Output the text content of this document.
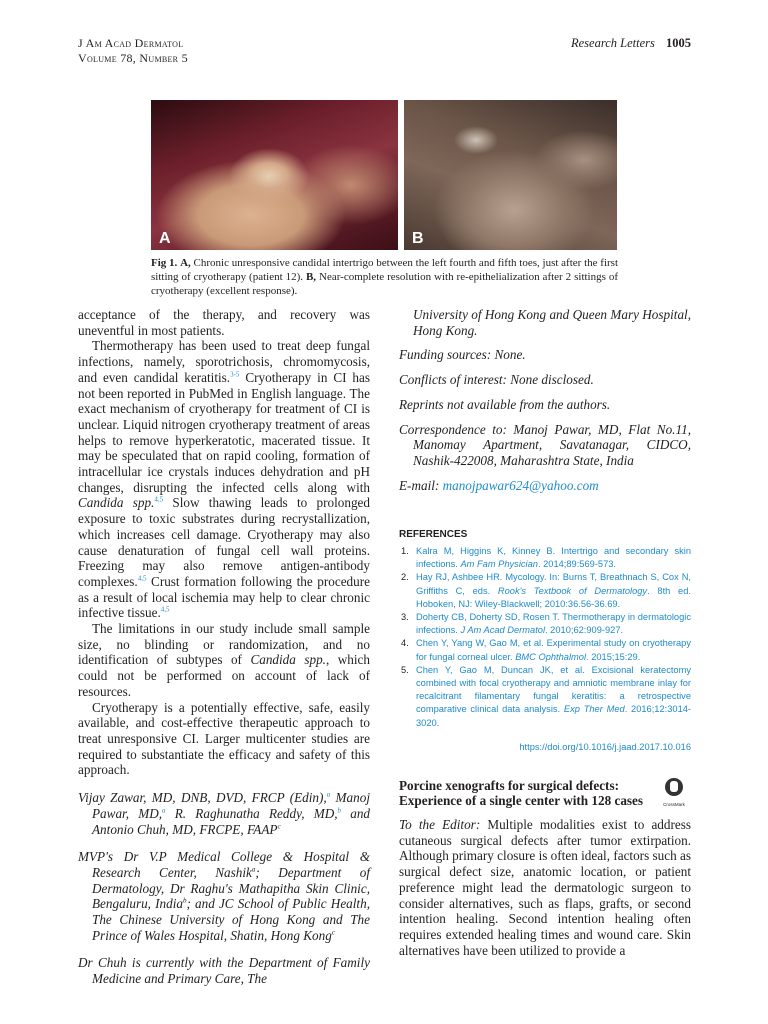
J Am Acad Dermatol
Volume 78, Number 5
Research Letters 1005
A	B
Fig 1. A, Chronic unresponsive candidal intertrigo between the left fourth and fifth toes, just after the first sitting of cryotherapy (patient 12). B, Near-complete resolution with re-epithelialization after 2 sittings of cryotherapy (excellent response).

acceptance of the therapy, and recovery was uneventful in most patients.

Thermotherapy has been used to treat deep fungal infections, namely, sporotrichosis, chromomycosis, and even candidal keratitis.$^{3-5}$ Cryotherapy in CI has not been reported in PubMed in English language. The exact mechanism of cryotherapy for treatment of CI is unclear. Liquid nitrogen cryotherapy treatment of areas helps to remove hyperkeratotic, macerated tissue. It may be speculated that on rapid cooling, formation of intracellular ice crystals induces dehydration and pH changes, disrupting the infected cells along with Candida spp.$^{4,5}$ Slow thawing leads to prolonged exposure to toxic substrates during recrystallization, which increases cell damage. Cryotherapy may also cause denaturation of fungal cell wall proteins. Freezing may also remove antigen-antibody complexes.$^{4,5}$ Crust formation following the procedure as a result of local ischemia may help to clear chronic infective tissue.$^{4,5}$

The limitations in our study include small sample size, no blinding or randomization, and no identification of subtypes of Candida spp., which could not be performed on account of lack of resources.

Cryotherapy is a potentially effective, safe, easily available, and cost-effective therapeutic approach to treat unresponsive CI. Larger multicenter studies are required to substantiate the efficacy and safety of this approach.

Vijay Zawar, MD, DNB, DVD, FRCP (Edin),$^a$ Manoj Pawar, MD,$^a$ R. Raghunatha Reddy, MD,$^b$ and Antonio Chuh, MD, FRCPE, FAAP$^c$

MVP's Dr V.P Medical College & Hospital & Research Center, Nashik$^a$; Department of Dermatology, Dr Raghu's Mathapitha Skin Clinic, Bengaluru, India$^b$; and JC School of Public Health, The Chinese University of Hong Kong and The Prince of Wales Hospital, Shatin, Hong Kong$^c$

Dr Chuh is currently with the Department of Family Medicine and Primary Care, The

University of Hong Kong and Queen Mary Hospital, Hong Kong.

Funding sources: None.

Conflicts of interest: None disclosed.

Reprints not available from the authors.

Correspondence to: Manoj Pawar, MD, Flat No.11, Manomay Apartment, Savatanagar, CIDCO, Nashik-422008, Maharashtra State, India

E-mail: manojpawar624@yahoo.com

REFERENCES

1. Kalra M, Higgins K, Kinney B. Intertrigo and secondary skin infections. Am Fam Physician. 2014;89:569-573.
2. Hay RJ, Ashbee HR. Mycology. In: Burns T, Breathnach S, Cox N, Griffiths C, eds. Rook's Textbook of Dermatology. 8th ed. Hoboken, NJ: Wiley-Blackwell; 2010:36.56-36.69.
3. Doherty CB, Doherty SD, Rosen T. Thermotherapy in dermatologic infections. J Am Acad Dermatol. 2010;62:909-927.
4. Chen Y, Yang W, Gao M, et al. Experimental study on cryotherapy for fungal corneal ulcer. BMC Ophthalmol. 2015;15:29.
5. Chen Y, Gao M, Duncan JK, et al. Excisional keratectomy combined with focal cryotherapy and amniotic membrane inlay for recalcitrant filamentary fungal keratitis: a retrospective comparative clinical data analysis. Exp Ther Med. 2016;12:3014-3020.

https://doi.org/10.1016/j.jaad.2017.10.016

Porcine xenografts for surgical defects: Experience of a single center with 128 cases	CrossMark

To the Editor: Multiple modalities exist to address cutaneous surgical defects after tumor extirpation. Although primary closure is often ideal, factors such as surgical defect size, anatomic location, or patient preference might lead the dermatologic surgeon to consider alternatives, such as flaps, grafts, or second intention healing. Second intention healing often requires extended healing times and wound care. Skin alternatives have been utilized to provide a
